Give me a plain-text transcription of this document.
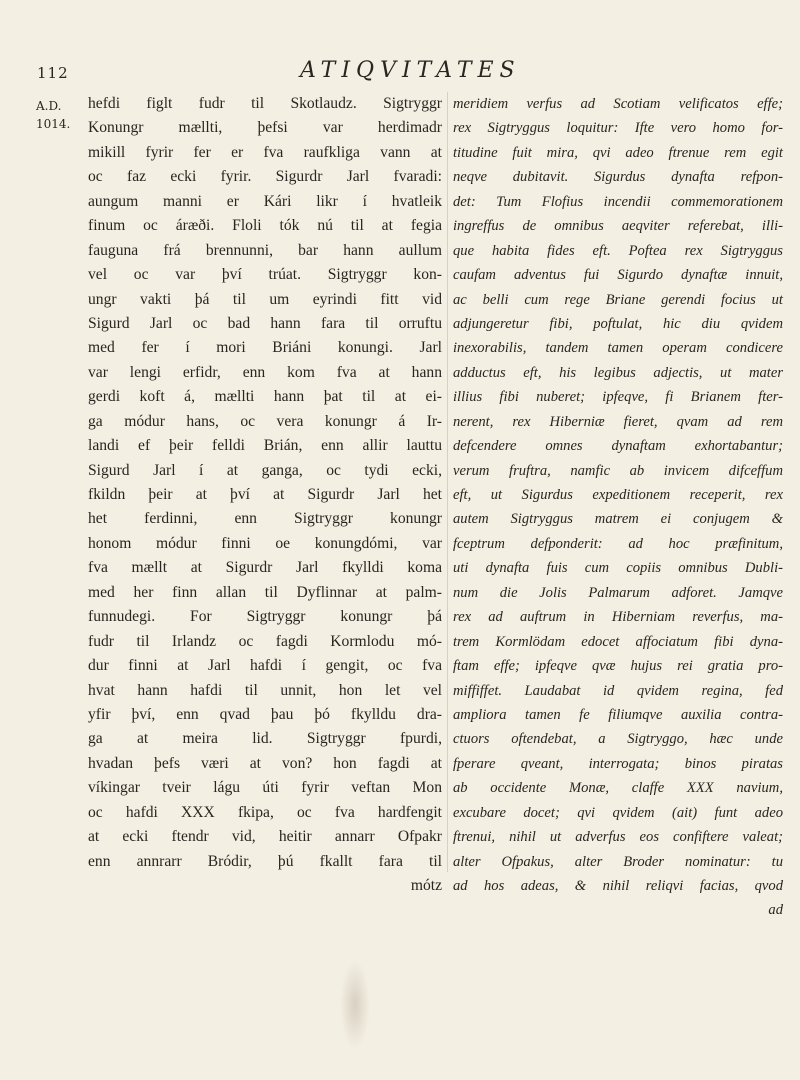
112	ATIQVITATES
A.D.
1014.
hefdi figlt fudr til Skotlaudz. Sigtryggr
Konungr mællti, þefsi var herdimadr
mikill fyrir fer er fva raufkliga vann at
oc faz ecki fyrir. Sigurdr Jarl fvaradi:
aungum manni er Kári likr í hvatleik
finum oc áræði. Floli tók nú til at fegia
fauguna frá brennunni, bar hann aullum
vel oc var því trúat. Sigtryggr kon-
ungr vakti þá til um eyrindi fitt vid
Sigurd Jarl oc bad hann fara til orruftu
med fer í mori Briáni konungi. Jarl
var lengi erfidr, enn kom fva at hann
gerdi koft á, mællti hann þat til at ei-
ga módur hans, oc vera konungr á Ir-
landi ef þeir felldi Brián, enn allir lauttu
Sigurd Jarl í at ganga, oc tydi ecki,
fkildn þeir at því at Sigurdr Jarl het
het ferdinni, enn Sigtryggr konungr
honom módur finni oe konungdómi, var
fva mællt at Sigurdr Jarl fkylldi koma
med her finn allan til Dyflinnar at palm-
funnudegi. For Sigtryggr konungr þá
fudr til Irlandz oc fagdi Kormlodu mó-
dur finni at Jarl hafdi í gengit, oc fva
hvat hann hafdi til unnit, hon let vel
yfir því, enn qvad þau þó fkylldu dra-
ga at meira lid. Sigtryggr fpurdi,
hvadan þefs væri at von? hon fagdi at
víkingar tveir lágu úti fyrir veftan Mon
oc hafdi XXX fkipa, oc fva hardfengit
at ecki ftendr vid, heitir annarr Ofpakr
enn annrarr Bródir, þú fkallt fara til
mótz
meridiem verfus ad Scotiam velificatos effe;
rex Sigtryggus loquitur: Ifte vero homo for-
titudine fuit mira, qvi adeo ftrenue rem egit
neqve dubitavit. Sigurdus dynafta refpon-
det: Tum Flofius incendii commemorationem
ingreffus de omnibus aeqviter referebat, illi-
que habita fides eft. Poftea rex Sigtryggus
caufam adventus fui Sigurdo dynaftæ innuit,
ac belli cum rege Briane gerendi focius ut
adjungeretur fibi, poftulat, hic diu qvidem
inexorabilis, tandem tamen operam condicere
adductus eft, his legibus adjectis, ut mater
illius fibi nuberet; ipfeqve, fi Brianem fter-
nerent, rex Hiberniæ fieret, qvam ad rem
defcendere omnes dynaftam exhortabantur;
verum fruftra, namfic ab invicem difceffum
eft, ut Sigurdus expeditionem receperit, rex
autem Sigtryggus matrem ei conjugem &
fceptrum defponderit: ad hoc præfinitum,
uti dynafta fuis cum copiis omnibus Dubli-
num die Jolis Palmarum adforet. Jamqve
rex ad auftrum in Hiberniam reverfus, ma-
trem Kormlödam edocet affociatum fibi dyna-
ftam effe; ipfeqve qvæ hujus rei gratia pro-
miffiffet. Laudabat id qvidem regina, fed
ampliora tamen fe filiumqve auxilia contra-
ctuors oftendebat, a Sigtryggo, hæc unde
fperare qveant, interrogata; binos piratas
ab occidente Monæ, claffe XXX navium,
excubare docet; qvi qvidem (ait) funt adeo
ftrenui, nihil ut adverfus eos confiftere valeat;
alter Ofpakus, alter Broder nominatur: tu
ad hos adeas, & nihil reliqvi facias, qvod
ad
